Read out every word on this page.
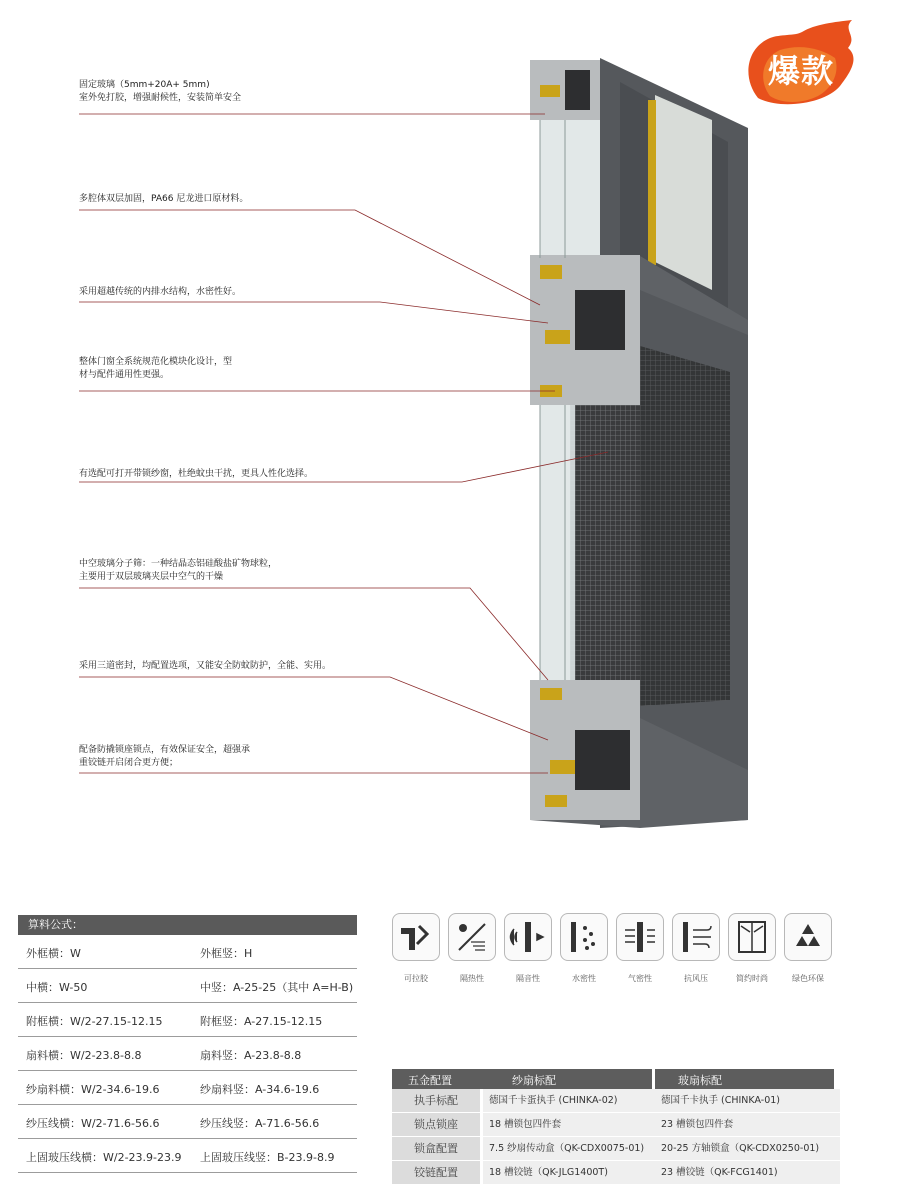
爆款
固定玻璃（5mm+20A+ 5mm)
室外免打胶，增强耐候性，安装简单安全
多腔体双层加固，PA66 尼龙进口原材料。
采用超越传统的内排水结构，水密性好。
整体门窗全系统规范化模块化设计，型
材与配件通用性更强。
有选配可打开带锁纱窗，杜绝蚊虫干扰，更具人性化选择。
中空玻璃分子筛：一种结晶态铝硅酸盐矿物球粒，
主要用于双层玻璃夹层中空气的干燥
采用三道密封，均配置选项，又能安全防蚊防护，全能、实用。
配备防撬锁座锁点，有效保证安全，超强承
重铰链开启闭合更方便；
算料公式：
外框横：W	外框竖：H
中横：W-50	中竖：A-25-25（其中 A=H-B)
附框横：W/2-27.15-12.15	附框竖：A-27.15-12.15
扇料横：W/2-23.8-8.8	扇料竖：A-23.8-8.8
纱扇料横：W/2-34.6-19.6	纱扇料竖：A-34.6-19.6
纱压线横：W/2-71.6-56.6	纱压线竖：A-71.6-56.6
上固玻压线横：W/2-23.9-23.9 上固玻压线竖：B-23.9-8.9
可拉胶	隔热性	隔音性	水密性	气密性	抗风压	简约时尚	绿色环保
五金配置	纱扇标配	玻扇标配
执手标配	德国千卡蛋执手 (CHINKA-02)	德国千卡执手 (CHINKA-01)
锁点锁座	18 槽锁包四件套	23 槽锁包四件套
锁盒配置	7.5 纱扇传动盒（QK-CDX0075-01)	20-25 方轴锁盒（QK-CDX0250-01)
铰链配置	18 槽铰链（QK-JLG1400T)	23 槽铰链（QK-FCG1401)
